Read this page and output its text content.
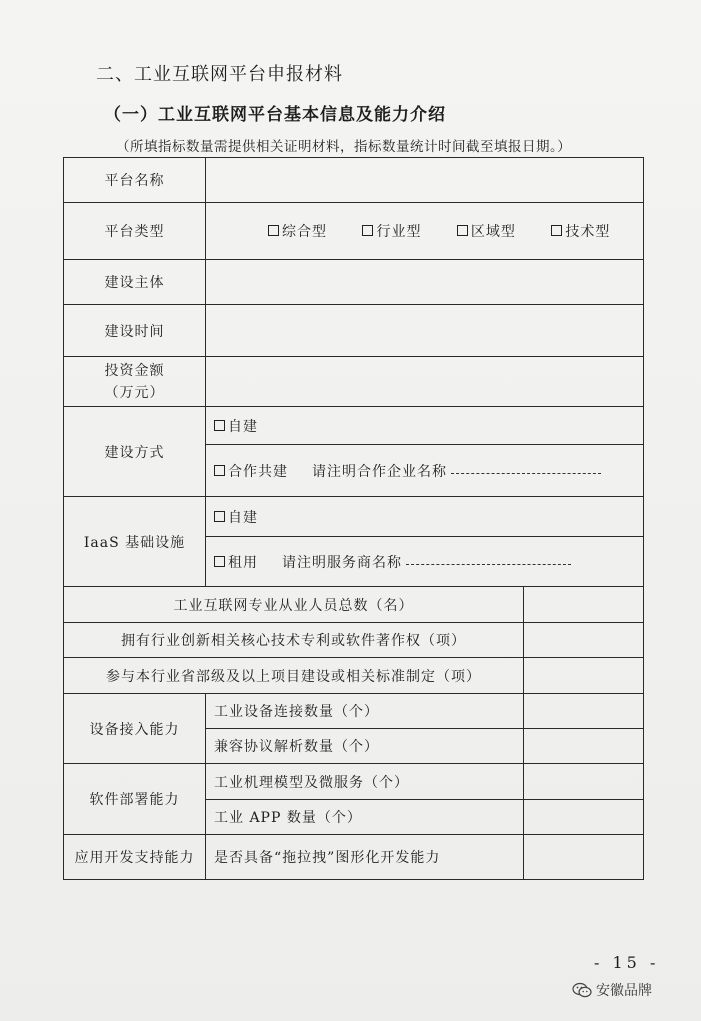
二、工业互联网平台申报材料
（一）工业互联网平台基本信息及能力介绍
（所填指标数量需提供相关证明材料，指标数量统计时间截至填报日期。）
平台名称		
平台类型	综合型 行业型 区域型 技术型	
建设主体		
建设时间		

投资金额
（万元）		

建设方式	自建	
	合作共建 请注明合作企业名称	
IaaS 基础设施	自建	
	租用 请注明服务商名称	
工业互联网专业从业人员总数（名）		
拥有行业创新相关核心技术专利或软件著作权（项）		
参与本行业省部级及以上项目建设或相关标准制定（项）		
设备接入能力	工业设备连接数量（个）	
	兼容协议解析数量（个）	
软件部署能力	工业机理模型及微服务（个）	
	工业 APP 数量（个）	
应用开发支持能力	是否具备“拖拉拽”图形化开发能力	
- 15 -
安徽品牌
